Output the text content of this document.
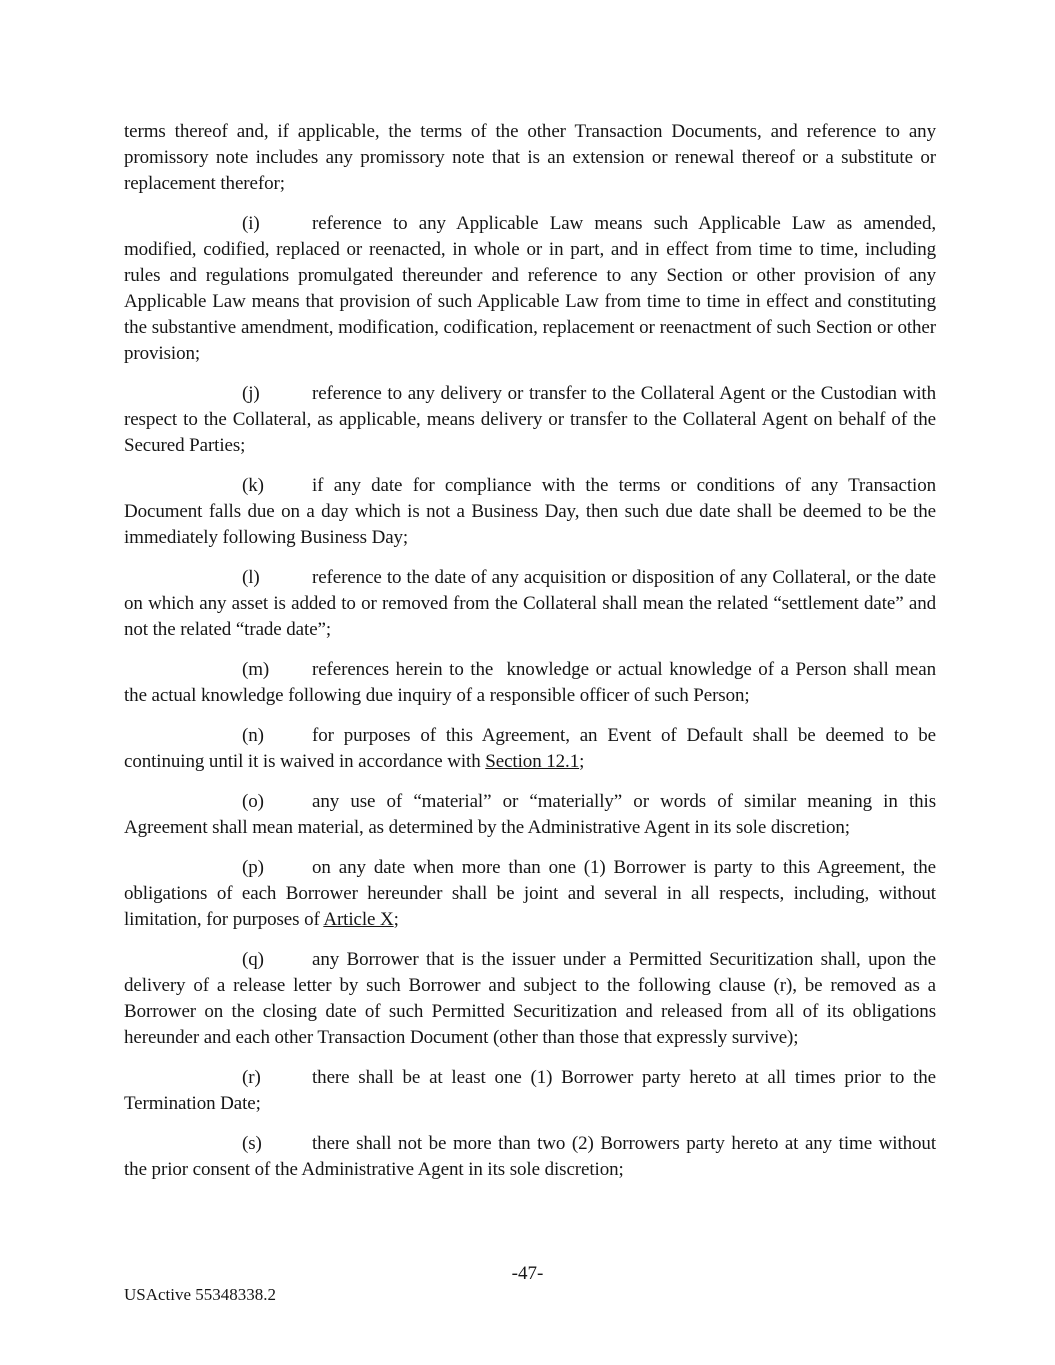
terms thereof and, if applicable, the terms of the other Transaction Documents, and reference to any promissory note includes any promissory note that is an extension or renewal thereof or a substitute or replacement therefor;

(i)	reference to any Applicable Law means such Applicable Law as amended, modified, codified, replaced or reenacted, in whole or in part, and in effect from time to time, including rules and regulations promulgated thereunder and reference to any Section or other provision of any Applicable Law means that provision of such Applicable Law from time to time in effect and constituting the substantive amendment, modification, codification, replacement or reenactment of such Section or other provision;

(j)	reference to any delivery or transfer to the Collateral Agent or the Custodian with respect to the Collateral, as applicable, means delivery or transfer to the Collateral Agent on behalf of the Secured Parties;

(k)	if any date for compliance with the terms or conditions of any Transaction Document falls due on a day which is not a Business Day, then such due date shall be deemed to be the immediately following Business Day;

(l)	reference to the date of any acquisition or disposition of any Collateral, or the date on which any asset is added to or removed from the Collateral shall mean the related “settlement date” and not the related “trade date”;

(m) references herein to the  knowledge or actual knowledge of a Person shall mean the actual knowledge following due inquiry of a responsible officer of such Person;

(n)	for purposes of this Agreement, an Event of Default shall be deemed to be continuing until it is waived in accordance with Section 12.1;

(o)	any use of “material” or “materially” or words of similar meaning in this Agreement shall mean material, as determined by the Administrative Agent in its sole discretion;

(p)	on any date when more than one (1) Borrower is party to this Agreement, the obligations of each Borrower hereunder shall be joint and several in all respects, including, without limitation, for purposes of Article X;

(q)	any Borrower that is the issuer under a Permitted Securitization shall, upon the delivery of a release letter by such Borrower and subject to the following clause (r), be removed as a Borrower on the closing date of such Permitted Securitization and released from all of its obligations hereunder and each other Transaction Document (other than those that expressly survive);

(r)	there shall be at least one (1) Borrower party hereto at all times prior to the Termination Date;

(s)	there shall not be more than two (2) Borrowers party hereto at any time without the prior consent of the Administrative Agent in its sole discretion;

-47-
USActive 55348338.2
